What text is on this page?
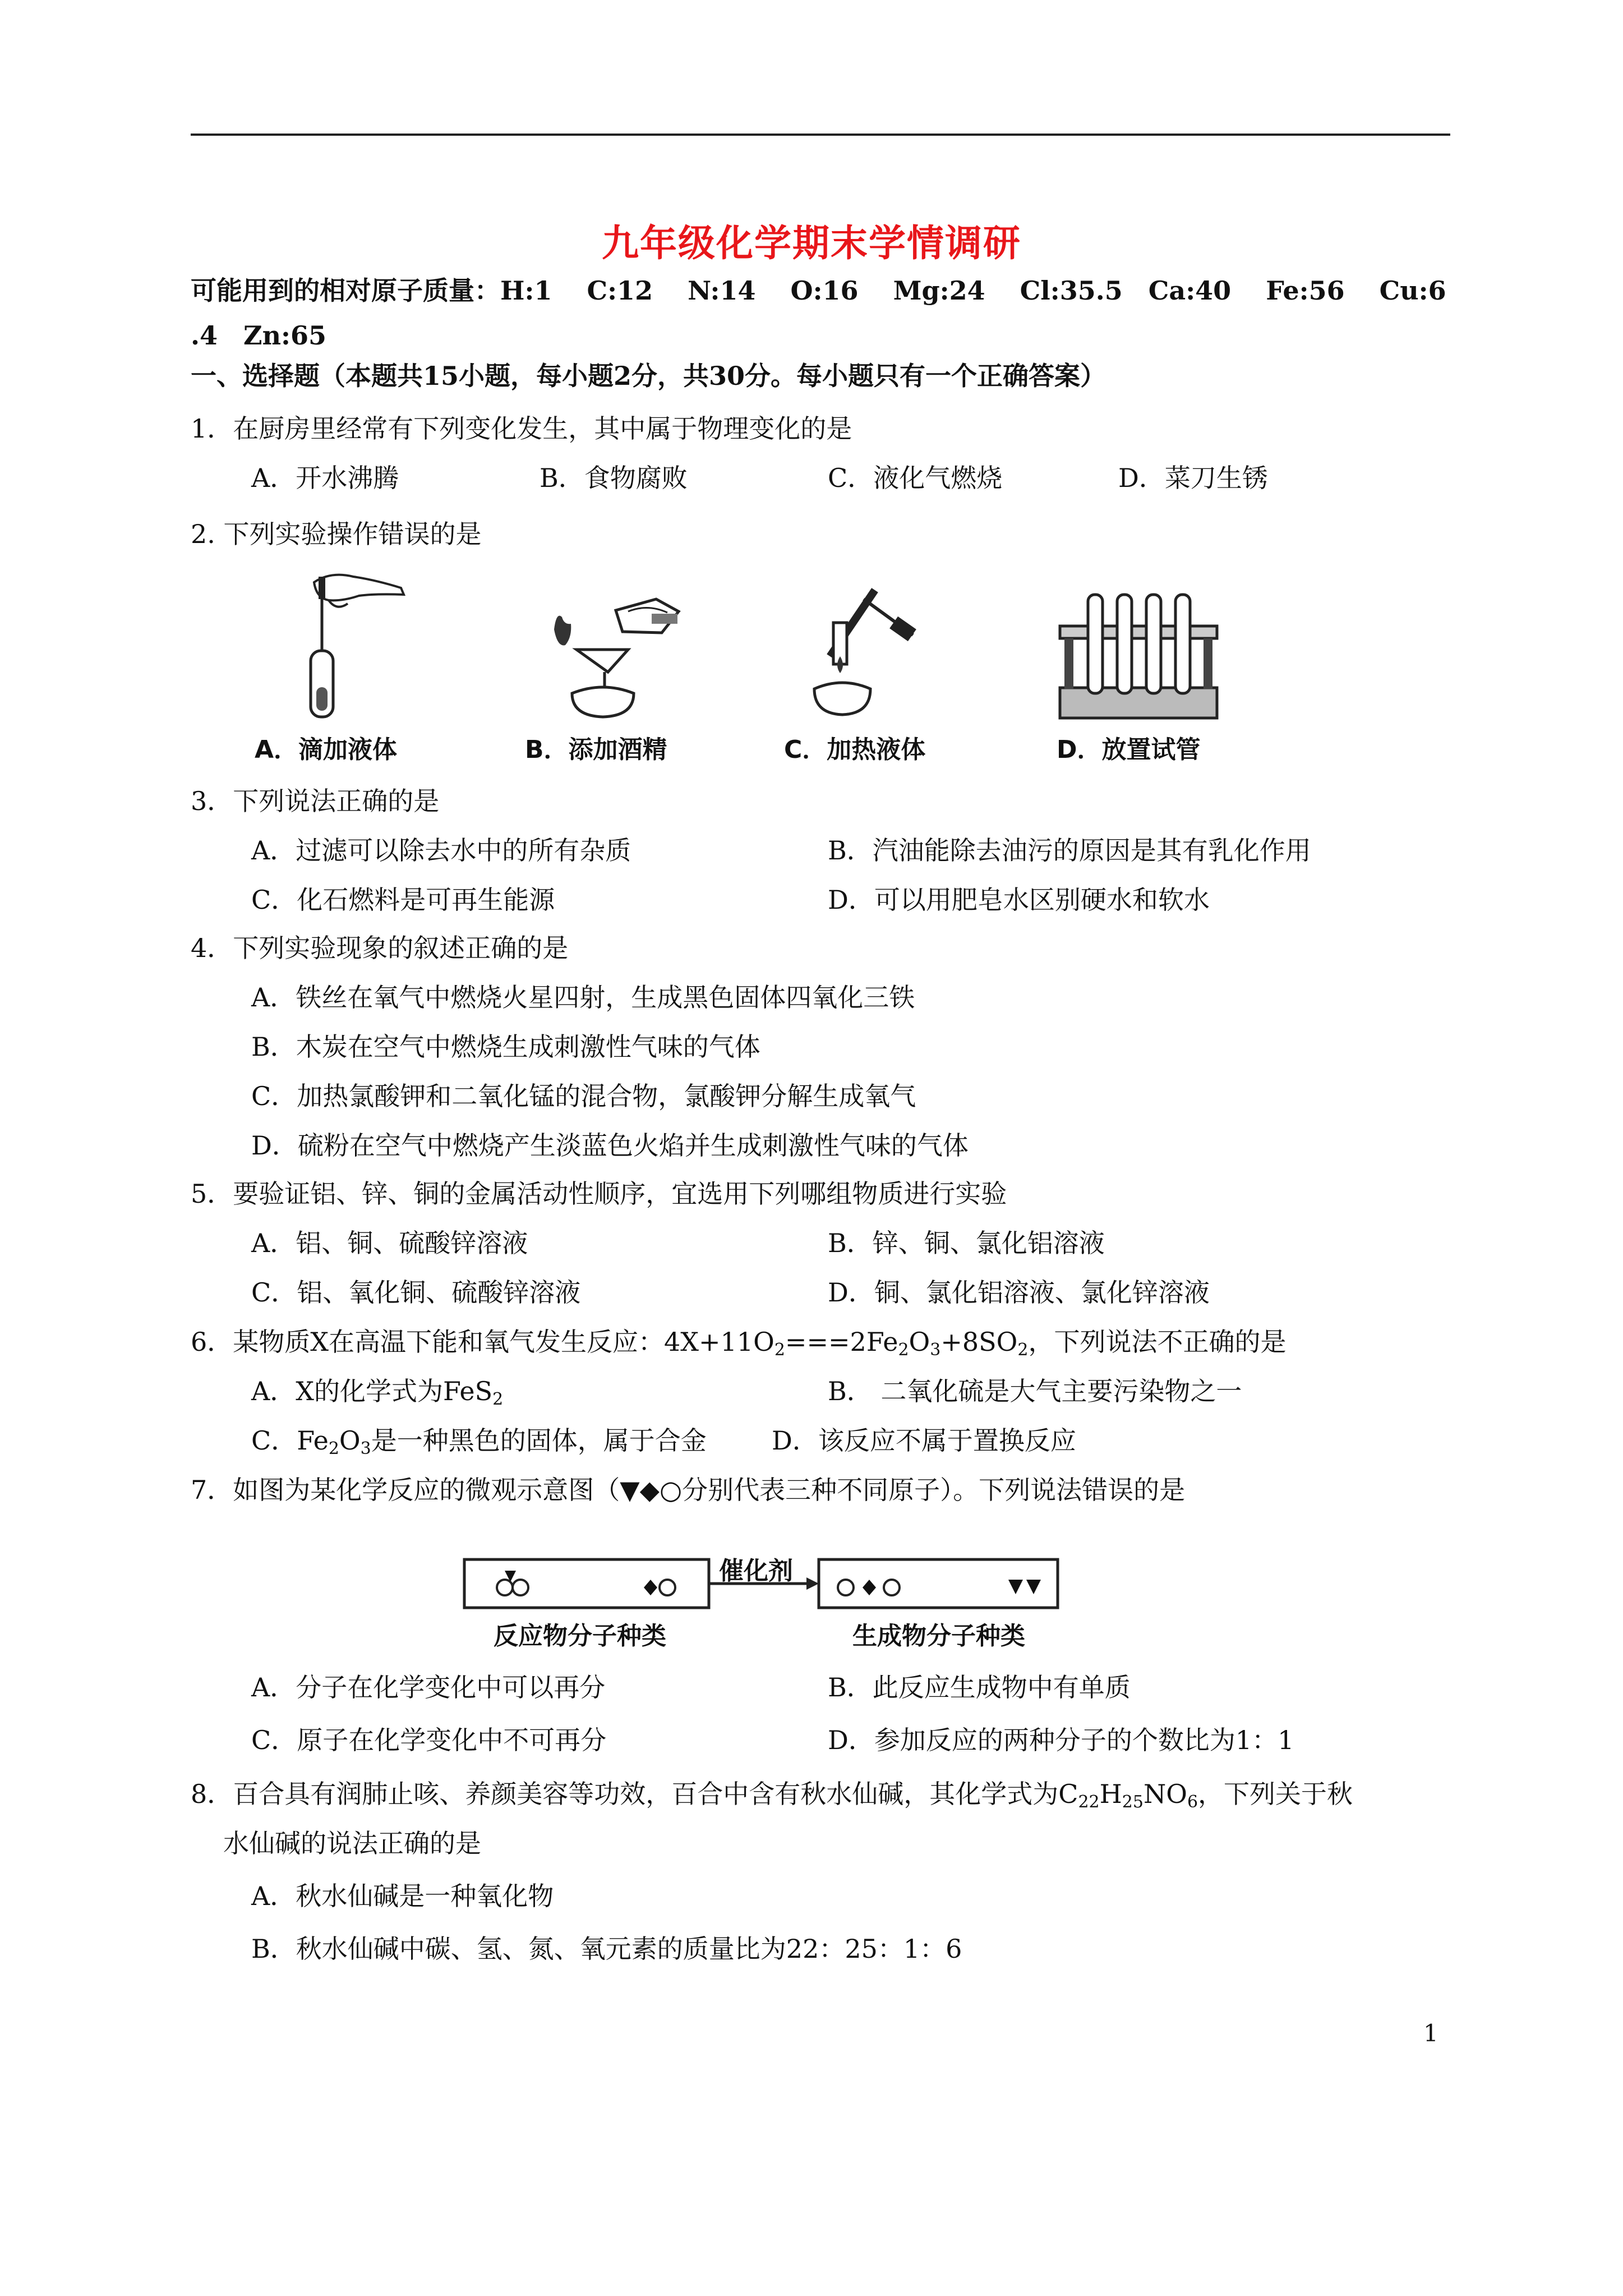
九年级化学期末学情调研
可能用到的相对原子质量：H:1　 C:12　 N:14　 O:16　 Mg:24　 Cl:35.5　Ca:40　 Fe:56　 Cu:6
.4　Zn:65
一、选择题（本题共15小题，每小题2分，共30分。每小题只有一个正确答案）
1．在厨房里经常有下列变化发生，其中属于物理变化的是
A．开水沸腾	B．食物腐败	C．液化气燃烧	D．菜刀生锈
2. 下列实验操作错误的是
A．滴加液体	B．添加酒精	C．加热液体	D．放置试管
3．下列说法正确的是
A．过滤可以除去水中的所有杂质	B．汽油能除去油污的原因是其有乳化作用
C．化石燃料是可再生能源	D．可以用肥皂水区别硬水和软水
4．下列实验现象的叙述正确的是
A．铁丝在氧气中燃烧火星四射，生成黑色固体四氧化三铁
B．木炭在空气中燃烧生成刺激性气味的气体
C．加热氯酸钾和二氧化锰的混合物，氯酸钾分解生成氧气
D．硫粉在空气中燃烧产生淡蓝色火焰并生成刺激性气味的气体
5．要验证铝、锌、铜的金属活动性顺序，宜选用下列哪组物质进行实验
A．铝、铜、硫酸锌溶液	B．锌、铜、氯化铝溶液
C．铝、氧化铜、硫酸锌溶液	D．铜、氯化铝溶液、氯化锌溶液
6．某物质X在高温下能和氧气发生反应：$4X+11O_2===2Fe_2O_3+8SO_2$，下列说法不正确的是
A．X的化学式为FeS$_2$	B． 二氧化硫是大气主要污染物之一
C．$Fe_2O_3$是一种黑色的固体，属于合金	D．该反应不属于置换反应
7．如图为某化学反应的微观示意图（▼◆○分别代表三种不同原子）。下列说法错误的是
催化剂
反应物分子种类	生成物分子种类
A．分子在化学变化中可以再分	B．此反应生成物中有单质
C．原子在化学变化中不可再分	D．参加反应的两种分子的个数比为1：1
8．百合具有润肺止咳、养颜美容等功效，百合中含有秋水仙碱，其化学式为$C_{22}H_{25}NO_6$，下列关于秋
水仙碱的说法正确的是
A．秋水仙碱是一种氧化物
B．秋水仙碱中碳、氢、氮、氧元素的质量比为22：25：1：6
1
